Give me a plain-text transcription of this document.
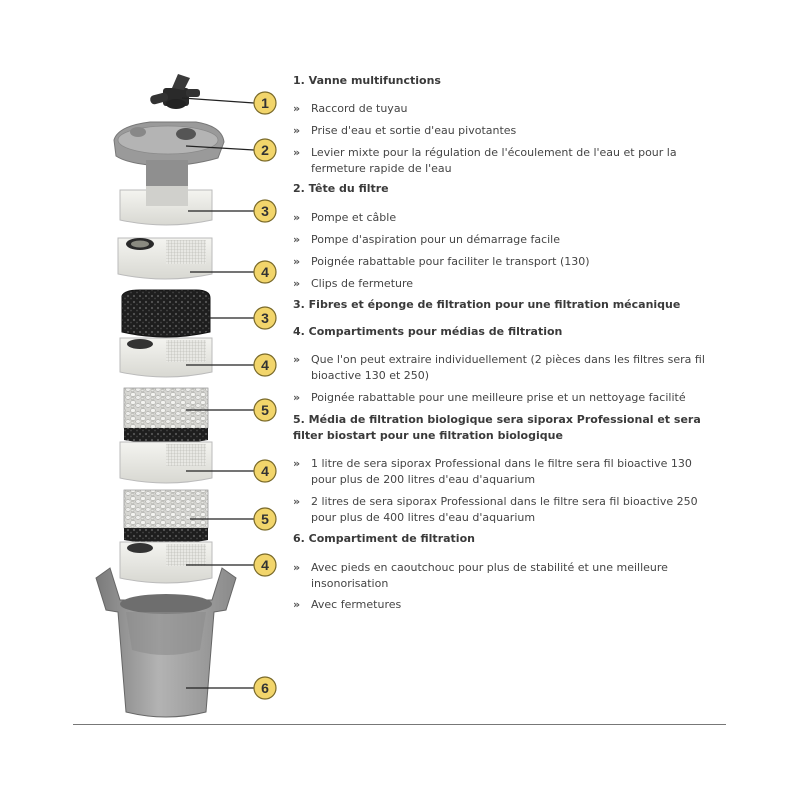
1
2
3
4
3
4
5
4
5
4
6
1. Vanne multifunctions
» Raccord de tuyau
» Prise d'eau et sortie d'eau pivotantes
» Levier mixte pour la régulation de l'écoulement de l'eau et pour la fermeture rapide de l'eau
2. Tête du filtre
» Pompe et câble
» Pompe d'aspiration pour un démarrage facile
» Poignée rabattable pour faciliter le transport (130)
» Clips de fermeture
3. Fibres et éponge de filtration pour une filtration mécanique
4. Compartiments pour médias de filtration
» Que l'on peut extraire individuellement (2 pièces dans les filtres sera fil bioactive 130 et 250)
» Poignée rabattable pour une meilleure prise et un nettoyage facilité
5. Média de filtration biologique sera siporax Professional et sera filter biostart pour une filtration biologique
» 1 litre de sera siporax Professional dans le filtre sera fil bioactive 130 pour plus de 200 litres d'eau d'aquarium
» 2 litres de sera siporax Professional dans le filtre sera fil bioactive 250 pour plus de 400 litres d'eau d'aquarium
6. Compartiment de filtration
» Avec pieds en caoutchouc pour plus de stabilité et une meilleure insonorisation
» Avec fermetures
